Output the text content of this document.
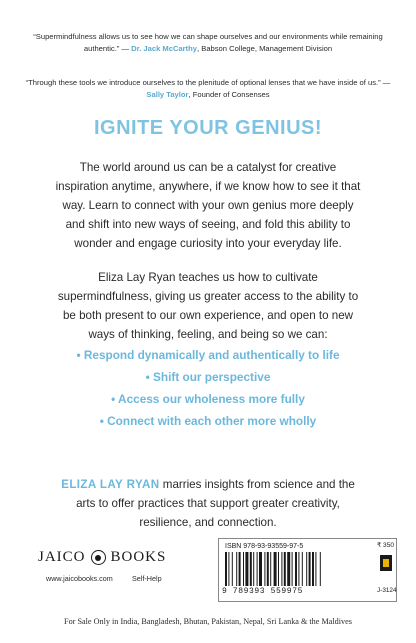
“Supermindfulness allows us to see how we can shape ourselves and our environments while remaining authentic.” — Dr. Jack McCarthy, Babson College, Management Division
“Through these tools we introduce ourselves to the plenitude of optional lenses that we have inside of us.” — Sally Taylor, Founder of Consenses
IGNITE YOUR GENIUS!
The world around us can be a catalyst for creative inspiration anytime, anywhere, if we know how to see it that way. Learn to connect with your own genius more deeply and shift into new ways of seeing, and fold this ability to wonder and engage curiosity into your everyday life.
Eliza Lay Ryan teaches us how to cultivate supermindfulness, giving us greater access to the ability to be both present to our own experience, and open to new ways of thinking, feeling, and being so we can:
• Respond dynamically and authentically to life
• Shift our perspective
• Access our wholeness more fully
• Connect with each other more wholly
ELIZA LAY RYAN marries insights from science and the arts to offer practices that support greater creativity, resilience, and connection.
JAICO BOOKS
www.jaicobooks.com	Self-Help
ISBN 978-93-93559-97-5
9 789393 559975
₹ 350
J-3124
For Sale Only in India, Bangladesh, Bhutan, Pakistan, Nepal, Sri Lanka & the Maldives
